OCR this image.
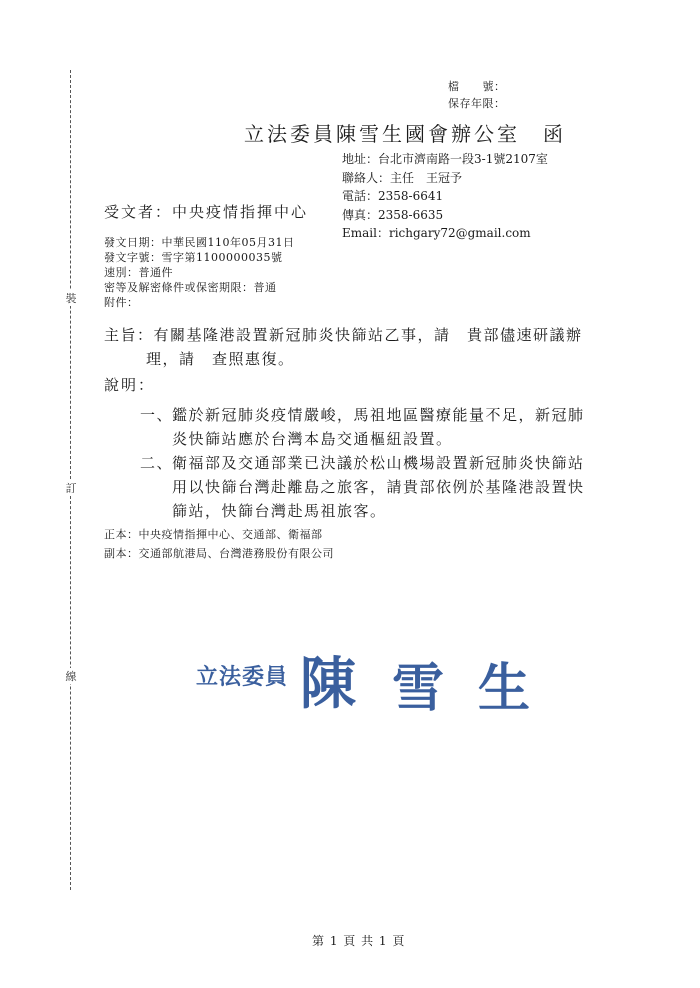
裝
訂
線
檔　　號：
保存年限：
立法委員陳雪生國會辦公室　函
地址：台北市濟南路一段3-1號2107室
聯絡人：主任　王冠予
電話：2358-6641
傳真：2358-6635
Email：richgary72@gmail.com
受文者：中央疫情指揮中心
發文日期：中華民國110年05月31日
發文字號：雪字第1100000035號
速別：普通件
密等及解密條件或保密期限：普通
附件：
主旨：有關基隆港設置新冠肺炎快篩站乙事，請　貴部儘速研議辦
理，請　查照惠復。
說明：
一、
鑑於新冠肺炎疫情嚴峻，馬祖地區醫療能量不足，新冠肺
炎快篩站應於台灣本島交通樞紐設置。
二、
衛福部及交通部業已決議於松山機場設置新冠肺炎快篩站
用以快篩台灣赴離島之旅客，請貴部依例於基隆港設置快
篩站，快篩台灣赴馬祖旅客。
正本：中央疫情指揮中心、交通部、衛福部
副本：交通部航港局、台灣港務股份有限公司
立法委員 陳 雪 生
第 1 頁 共 1 頁
